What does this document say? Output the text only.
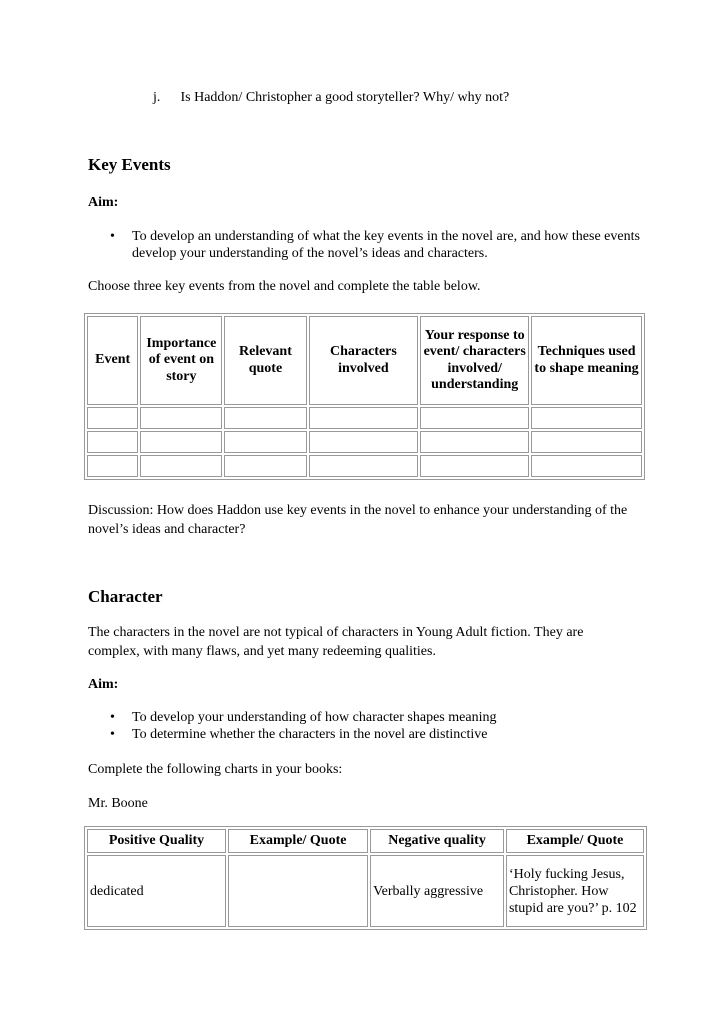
j. Is Haddon/ Christopher a good storyteller? Why/ why not?
Key Events
Aim:
• To develop an understanding of what the key events in the novel are, and how these events develop your understanding of the novel’s ideas and characters.
Choose three key events from the novel and complete the table below.
Event	Importance of event on story	Relevant quote	Characters involved	Your response to event/ characters involved/ understanding	Techniques used to shape meaning

Discussion: How does Haddon use key events in the novel to enhance your understanding of the novel’s ideas and character?
Character
The characters in the novel are not typical of characters in Young Adult fiction. They are complex, with many flaws, and yet many redeeming qualities.
Aim:
• To develop your understanding of how character shapes meaning
• To determine whether the characters in the novel are distinctive
Complete the following charts in your books:
Mr. Boone
Positive Quality	Example/ Quote	Negative quality	Example/ Quote
dedicated		Verbally aggressive	‘Holy fucking Jesus, Christopher. How stupid are you?’ p. 102
